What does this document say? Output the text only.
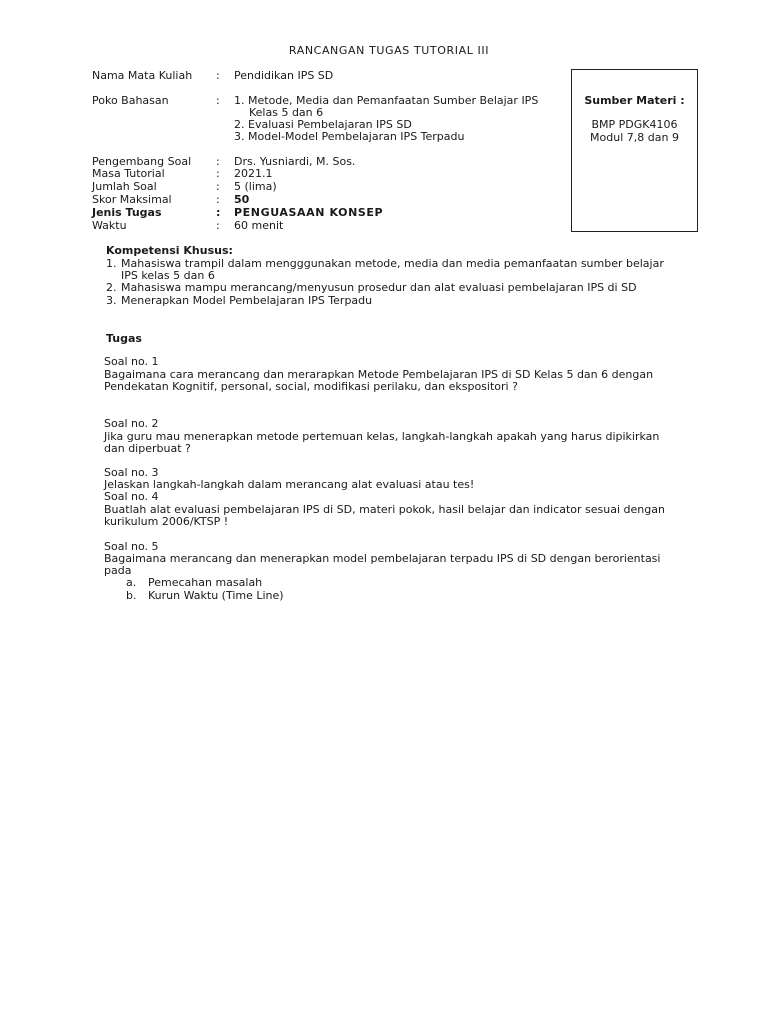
RANCANGAN TUGAS TUTORIAL III
Nama Mata Kuliah : Pendidikan IPS SD
Poko Bahasan	: 1. Metode, Media dan Pemanfaatan Sumber Belajar IPS
Kelas 5 dan 6
2. Evaluasi Pembelajaran IPS SD
3. Model-Model Pembelajaran IPS Terpadu
Pengembang Soal : Drs. Yusniardi, M. Sos.
Masa Tutorial	: 2021.1
Jumlah Soal	: 5 (lima)
Skor Maksimal	: 50
Jenis Tugas	: PENGUASAAN KONSEP
Waktu	: 60 menit
Sumber Materi :
BMP PDGK4106
Modul 7,8 dan 9
Kompetensi Khusus:
1. Mahasiswa trampil dalam mengggunakan metode, media dan media pemanfaatan sumber belajar
IPS kelas 5 dan 6
2. Mahasiswa mampu merancang/menyusun prosedur dan alat evaluasi pembelajaran IPS di SD
3. Menerapkan Model Pembelajaran IPS Terpadu
Tugas
Soal no. 1
Bagaimana cara merancang dan merarapkan Metode Pembelajaran IPS di SD Kelas 5 dan 6 dengan
Pendekatan Kognitif, personal, social, modifikasi perilaku, dan ekspositori ?
Soal no. 2
Jika guru mau menerapkan metode pertemuan kelas, langkah-langkah apakah yang harus dipikirkan
dan diperbuat ?
Soal no. 3
Jelaskan langkah-langkah dalam merancang alat evaluasi atau tes!
Soal no. 4
Buatlah alat evaluasi pembelajaran IPS di SD, materi pokok, hasil belajar dan indicator sesuai dengan
kurikulum 2006/KTSP !
Soal no. 5
Bagaimana merancang dan menerapkan model pembelajaran terpadu IPS di SD dengan berorientasi
pada
a. Pemecahan masalah
b. Kurun Waktu (Time Line)
